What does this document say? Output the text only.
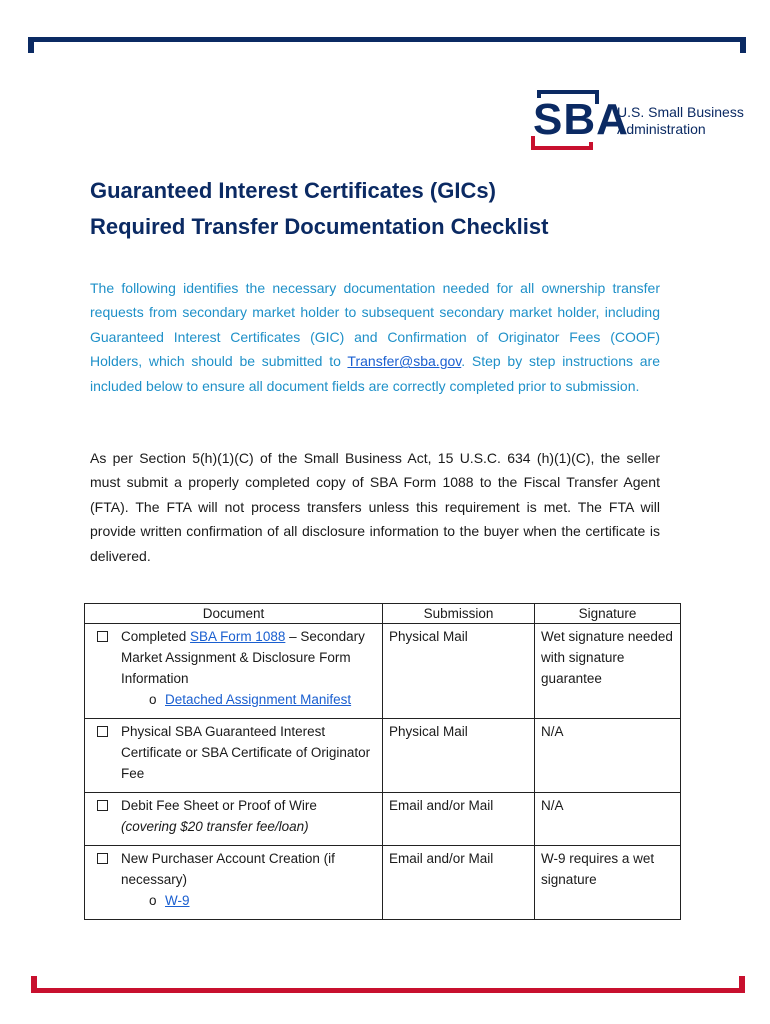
SBA
U.S. Small Business
Administration
Guaranteed Interest Certificates (GICs)
Required Transfer Documentation Checklist

The following identifies the necessary documentation needed for all ownership transfer requests from secondary market holder to subsequent secondary market holder, including Guaranteed Interest Certificates (GIC) and Confirmation of Originator Fees (COOF) Holders, which should be submitted to Transfer@sba.gov. Step by step instructions are included below to ensure all document fields are correctly completed prior to submission.

As per Section 5(h)(1)(C) of the Small Business Act, 15 U.S.C. 634 (h)(1)(C), the seller must submit a properly completed copy of SBA Form 1088 to the Fiscal Transfer Agent (FTA). The FTA will not process transfers unless this requirement is met. The FTA will provide written confirmation of all disclosure information to the buyer when the certificate is delivered.

Document	Submission	Signature

Completed SBA Form 1088 – Secondary Market Assignment & Disclosure Form Information
o Detached Assignment Manifest	Physical Mail	Wet signature needed with signature guarantee

Physical SBA Guaranteed Interest Certificate or SBA Certificate of Originator Fee	Physical Mail	N/A

Debit Fee Sheet or Proof of Wire
(covering $20 transfer fee/loan)	Email and/or Mail	N/A

New Purchaser Account Creation (if necessary)
o W-9	Email and/or Mail	W-9 requires a wet signature
